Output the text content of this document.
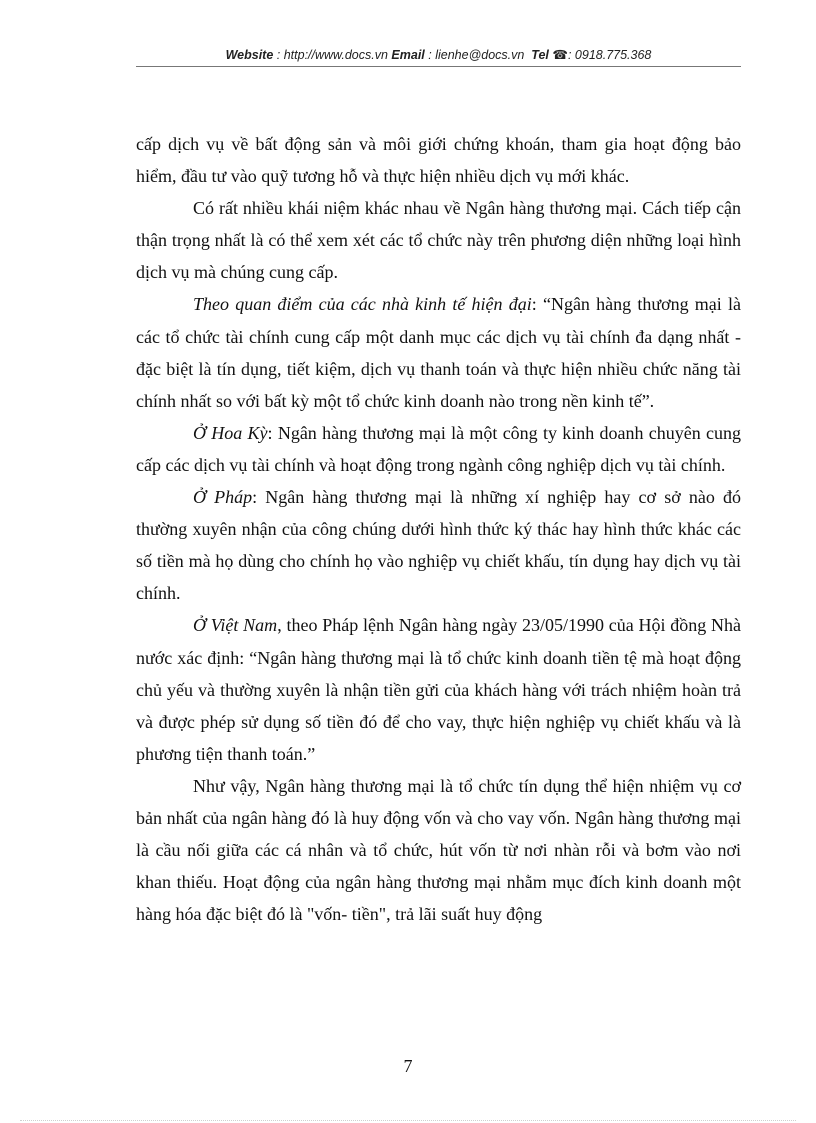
Website : http://www.docs.vn Email : lienhe@docs.vn Tel ☎: 0918.775.368

cấp dịch vụ về bất động sản và môi giới chứng khoán, tham gia hoạt động bảo hiểm, đầu tư vào quỹ tương hỗ và thực hiện nhiều dịch vụ mới khác.

Có rất nhiều khái niệm khác nhau về Ngân hàng thương mại. Cách tiếp cận thận trọng nhất là có thể xem xét các tổ chức này trên phương diện những loại hình dịch vụ mà chúng cung cấp.

Theo quan điểm của các nhà kinh tế hiện đại: “Ngân hàng thương mại là các tổ chức tài chính cung cấp một danh mục các dịch vụ tài chính đa dạng nhất - đặc biệt là tín dụng, tiết kiệm, dịch vụ thanh toán và thực hiện nhiều chức năng tài chính nhất so với bất kỳ một tổ chức kinh doanh nào trong nền kinh tế”.

Ở Hoa Kỳ: Ngân hàng thương mại là một công ty kinh doanh chuyên cung cấp các dịch vụ tài chính và hoạt động trong ngành công nghiệp dịch vụ tài chính.

Ở Pháp: Ngân hàng thương mại là những xí nghiệp hay cơ sở nào đó thường xuyên nhận của công chúng dưới hình thức ký thác hay hình thức khác các số tiền mà họ dùng cho chính họ vào nghiệp vụ chiết khấu, tín dụng hay dịch vụ tài chính.

Ở Việt Nam, theo Pháp lệnh Ngân hàng ngày 23/05/1990 của Hội đồng Nhà nước xác định: “Ngân hàng thương mại là tổ chức kinh doanh tiền tệ mà hoạt động chủ yếu và thường xuyên là nhận tiền gửi của khách hàng với trách nhiệm hoàn trả và được phép sử dụng số tiền đó để cho vay, thực hiện nghiệp vụ chiết khấu và là phương tiện thanh toán.”

Như vậy, Ngân hàng thương mại là tổ chức tín dụng thể hiện nhiệm vụ cơ bản nhất của ngân hàng đó là huy động vốn và cho vay vốn. Ngân hàng thương mại là cầu nối giữa các cá nhân và tổ chức, hút vốn từ nơi nhàn rỗi và bơm vào nơi khan thiếu. Hoạt động của ngân hàng thương mại nhằm mục đích kinh doanh một hàng hóa đặc biệt đó là "vốn- tiền", trả lãi suất huy động

7
